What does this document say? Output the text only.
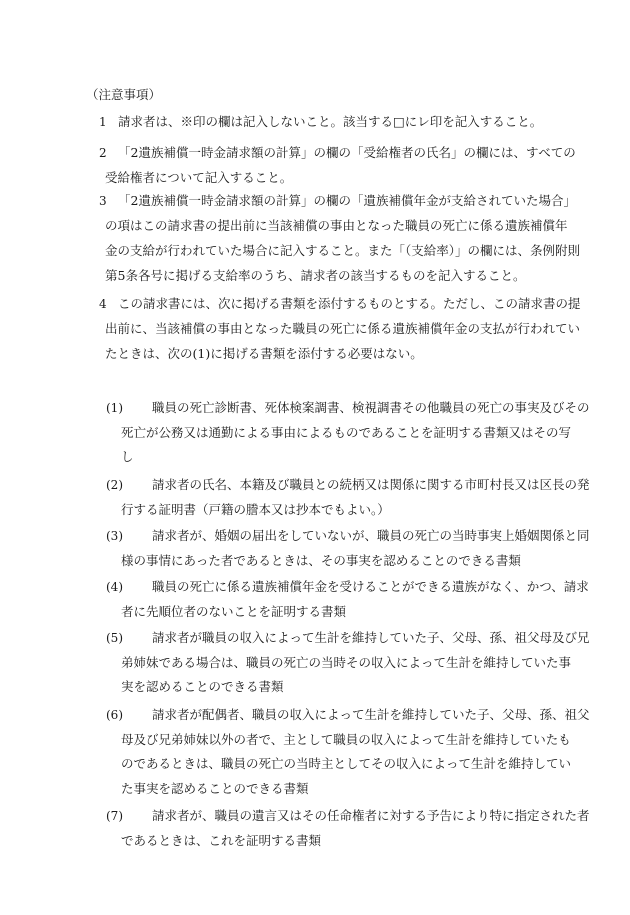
（注意事項）
1 請求者は、※印の欄は記入しないこと。該当する□にレ印を記入すること。
2 「2遺族補償一時金請求額の計算」の欄の「受給権者の氏名」の欄には、すべての
受給権者について記入すること。
3 「2遺族補償一時金請求額の計算」の欄の「遺族補償年金が支給されていた場合」
の項はこの請求書の提出前に当該補償の事由となった職員の死亡に係る遺族補償年
金の支給が行われていた場合に記入すること。また「（支給率）」の欄には、条例附則
第5条各号に掲げる支給率のうち、請求者の該当するものを記入すること。
4 この請求書には、次に掲げる書類を添付するものとする。ただし、この請求書の提
出前に、当該補償の事由となった職員の死亡に係る遺族補償年金の支払が行われてい
たときは、次の(1)に掲げる書類を添付する必要はない。
(1) 職員の死亡診断書、死体検案調書、検視調書その他職員の死亡の事実及びその
死亡が公務又は通勤による事由によるものであることを証明する書類又はその写
し
(2) 請求者の氏名、本籍及び職員との続柄又は関係に関する市町村長又は区長の発
行する証明書（戸籍の謄本又は抄本でもよい。）
(3) 請求者が、婚姻の届出をしていないが、職員の死亡の当時事実上婚姻関係と同
様の事情にあった者であるときは、その事実を認めることのできる書類
(4) 職員の死亡に係る遺族補償年金を受けることができる遺族がなく、かつ、請求
者に先順位者のないことを証明する書類
(5) 請求者が職員の収入によって生計を維持していた子、父母、孫、祖父母及び兄
弟姉妹である場合は、職員の死亡の当時その収入によって生計を維持していた事
実を認めることのできる書類
(6) 請求者が配偶者、職員の収入によって生計を維持していた子、父母、孫、祖父
母及び兄弟姉妹以外の者で、主として職員の収入によって生計を維持していたも
のであるときは、職員の死亡の当時主としてその収入によって生計を維持してい
た事実を認めることのできる書類
(7) 請求者が、職員の遺言又はその任命権者に対する予告により特に指定された者
であるときは、これを証明する書類
